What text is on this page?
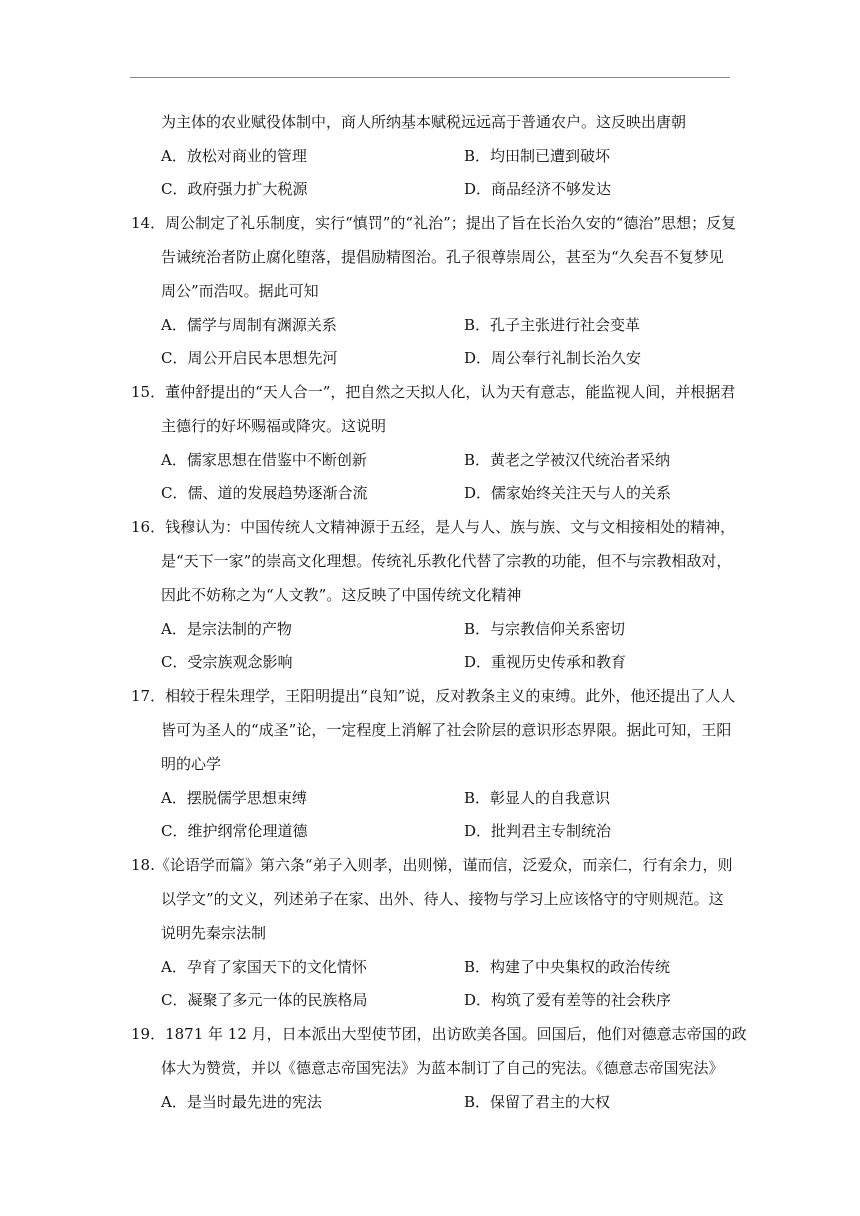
为主体的农业赋役体制中，商人所纳基本赋税远远高于普通农户。这反映出唐朝
A．放松对商业的管理	B．均田制已遭到破坏
C．政府强力扩大税源	D．商品经济不够发达
14．周公制定了礼乐制度，实行“慎罚”的“礼治”；提出了旨在长治久安的“德治”思想；反复
告诫统治者防止腐化堕落，提倡励精图治。孔子很尊崇周公，甚至为“久矣吾不复梦见
周公”而浩叹。据此可知
A．儒学与周制有渊源关系	B．孔子主张进行社会变革
C．周公开启民本思想先河	D．周公奉行礼制长治久安
15．董仲舒提出的“天人合一”，把自然之天拟人化，认为天有意志，能监视人间，并根据君
主德行的好坏赐福或降灾。这说明
A．儒家思想在借鉴中不断创新	B．黄老之学被汉代统治者采纳
C．儒、道的发展趋势逐渐合流	D．儒家始终关注天与人的关系
16．钱穆认为：中国传统人文精神源于五经，是人与人、族与族、文与文相接相处的精神，
是“天下一家”的崇高文化理想。传统礼乐教化代替了宗教的功能，但不与宗教相敌对，
因此不妨称之为“人文教”。这反映了中国传统文化精神
A．是宗法制的产物	B．与宗教信仰关系密切
C．受宗族观念影响	D．重视历史传承和教育
17．相较于程朱理学，王阳明提出“良知”说，反对教条主义的束缚。此外，他还提出了人人
皆可为圣人的“成圣”论，一定程度上消解了社会阶层的意识形态界限。据此可知，王阳
明的心学
A．摆脱儒学思想束缚	B．彰显人的自我意识
C．维护纲常伦理道德	D．批判君主专制统治
18.《论语学而篇》第六条“弟子入则孝，出则悌，谨而信，泛爱众，而亲仁，行有余力，则
以学文”的文义，列述弟子在家、出外、待人、接物与学习上应该恪守的守则规范。这
说明先秦宗法制
A．孕育了家国天下的文化情怀	B．构建了中央集权的政治传统
C．凝聚了多元一体的民族格局	D．构筑了爱有差等的社会秩序
19．1871 年 12 月，日本派出大型使节团，出访欧美各国。回国后，他们对德意志帝国的政
体大为赞赏，并以《德意志帝国宪法》为蓝本制订了自己的宪法。《德意志帝国宪法》
A．是当时最先进的宪法	B．保留了君主的大权
